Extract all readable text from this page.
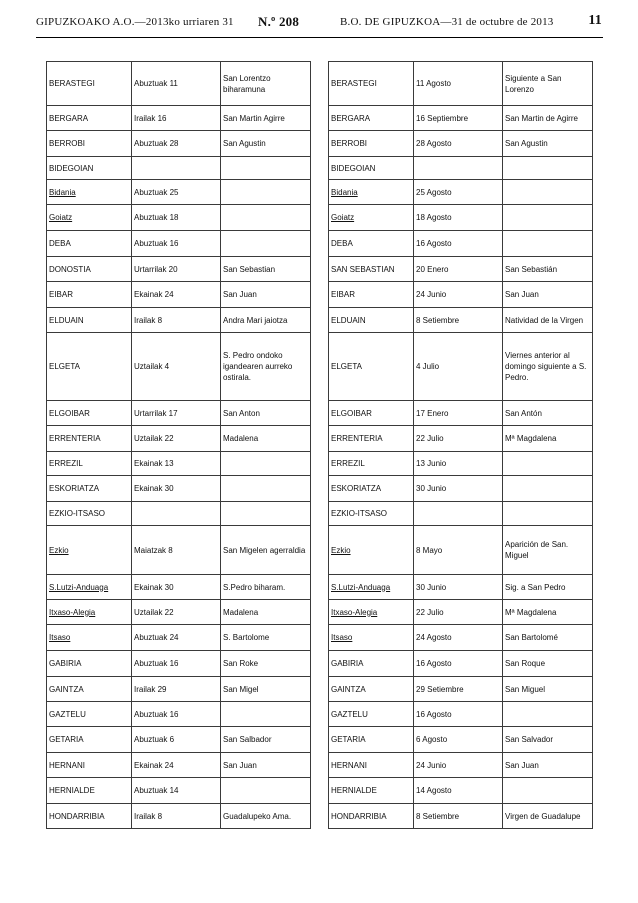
GIPUZKOAKO A.O.—2013ko urriaren 31 N.º 208	B.O. DE GIPUZKOA—31 de octubre de 2013 11
BERASTEGI	Abuztuak 11	San Lorentzo
biharamuna
BERGARA	Irailak 16	San Martin Agirre
BERROBI	Abuztuak 28	San Agustin
BIDEGOIAN		
Bidania	Abuztuak 25	
Goiatz	Abuztuak 18	
DEBA	Abuztuak 16	
DONOSTIA	Urtarrilak 20	San Sebastian
EIBAR	Ekainak 24	San Juan
ELDUAIN	Irailak 8	Andra Mari jaiotza
ELGETA	Uztailak 4	S. Pedro ondoko
igandearen aurreko
ostirala.
ELGOIBAR	Urtarrilak 17	San Anton
ERRENTERIA	Uztailak 22	Madalena
ERREZIL	Ekainak 13	
ESKORIATZA	Ekainak 30	
EZKIO-ITSASO		
Ezkio	Maiatzak 8	San Migelen agerraldia
S.Lutzi-Anduaga	Ekainak 30	S.Pedro biharam.
Itxaso-Alegia	Uztailak 22	Madalena
Itsaso	Abuztuak 24	S. Bartolome
GABIRIA	Abuztuak 16	San Roke
GAINTZA	Irailak 29	San Migel
GAZTELU	Abuztuak 16	
GETARIA	Abuztuak 6	San Salbador
HERNANI	Ekainak 24	San Juan
HERNIALDE	Abuztuak 14	
HONDARRIBIA	Irailak 8	Guadalupeko Ama.
BERASTEGI	11 Agosto	Siguiente a San
Lorenzo
BERGARA	16 Septiembre	San Martin de Agirre
BERROBI	28 Agosto	San Agustin
BIDEGOIAN		
Bidania	25 Agosto	
Goiatz	18 Agosto	
DEBA	16 Agosto	
SAN SEBASTIAN	20 Enero	San Sebastián
EIBAR	24 Junio	San Juan
ELDUAIN	8 Setiembre	Natividad de la Virgen
ELGETA	4 Julio	Viernes anterior al
domingo siguiente a S.
Pedro.
ELGOIBAR	17 Enero	San Antón
ERRENTERIA	22 Julio	Mª Magdalena
ERREZIL	13 Junio	
ESKORIATZA	30 Junio	
EZKIO-ITSASO		
Ezkio	8 Mayo	Aparición de San.
Miguel
S.Lutzi-Anduaga	30 Junio	Sig. a San Pedro
Itxaso-Alegia	22 Julio	Mª Magdalena
Itsaso	24 Agosto	San Bartolomé
GABIRIA	16 Agosto	San Roque
GAINTZA	29 Setiembre	San Miguel
GAZTELU	16 Agosto	
GETARIA	6 Agosto	San Salvador
HERNANI	24 Junio	San Juan
HERNIALDE	14 Agosto	
HONDARRIBIA	8 Setiembre	Virgen de Guadalupe
